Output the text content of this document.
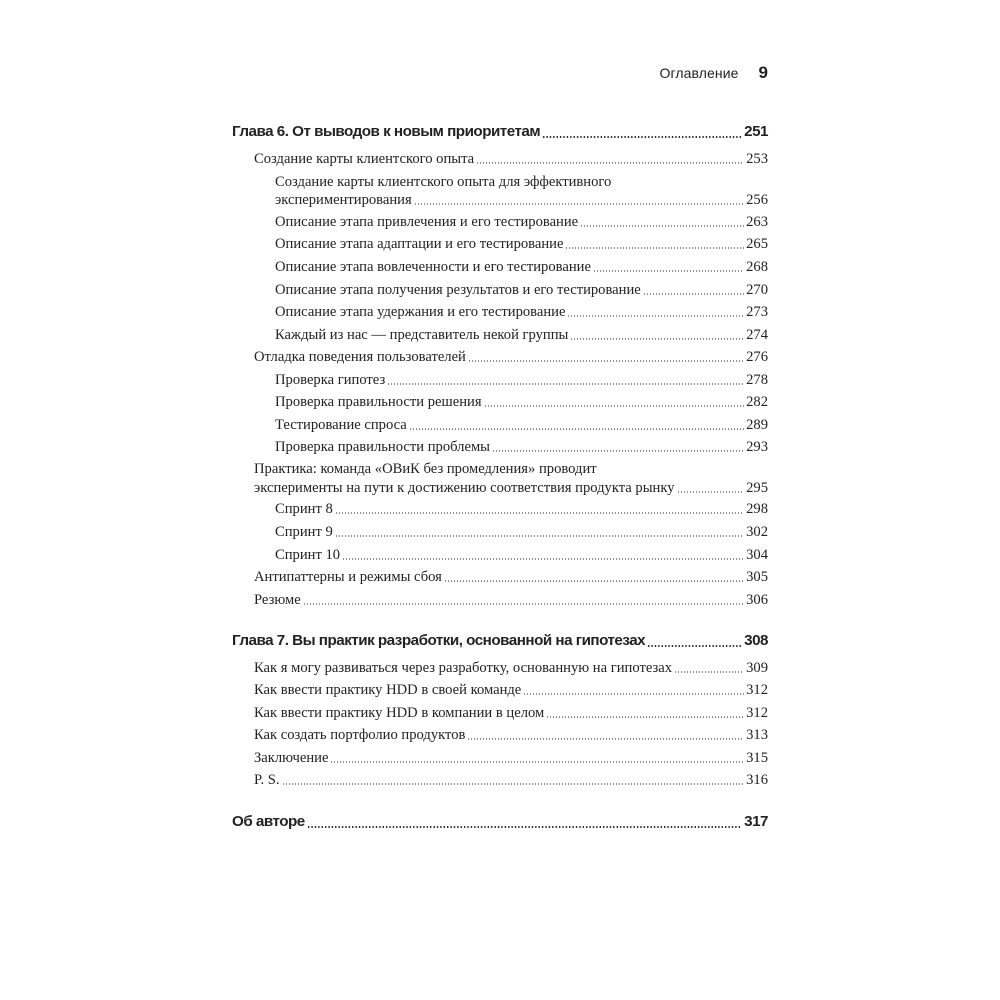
Оглавление 9
Глава 6. От выводов к новым приоритетам	251
Создание карты клиентского опыта	253
Создание карты клиентского опыта для эффективного
экспериментирования	256
Описание этапа привлечения и его тестирование	263
Описание этапа адаптации и его тестирование	265
Описание этапа вовлеченности и его тестирование	268
Описание этапа получения результатов и его тестирование	270
Описание этапа удержания и его тестирование	273
Каждый из нас — представитель некой группы	274
Отладка поведения пользователей	276
Проверка гипотез	278
Проверка правильности решения	282
Тестирование спроса	289
Проверка правильности проблемы	293
Практика: команда «ОВиК без промедления» проводит
эксперименты на пути к достижению соответствия продукта рынку	295
Спринт 8	298
Спринт 9	302
Спринт 10	304
Антипаттерны и режимы сбоя	305
Резюме	306
Глава 7. Вы практик разработки, основанной на гипотезах	308
Как я могу развиваться через разработку, основанную на гипотезах	309
Как ввести практику HDD в своей команде	312
Как ввести практику HDD в компании в целом	312
Как создать портфолио продуктов	313
Заключение	315
P. S.	316
Об авторе	317
